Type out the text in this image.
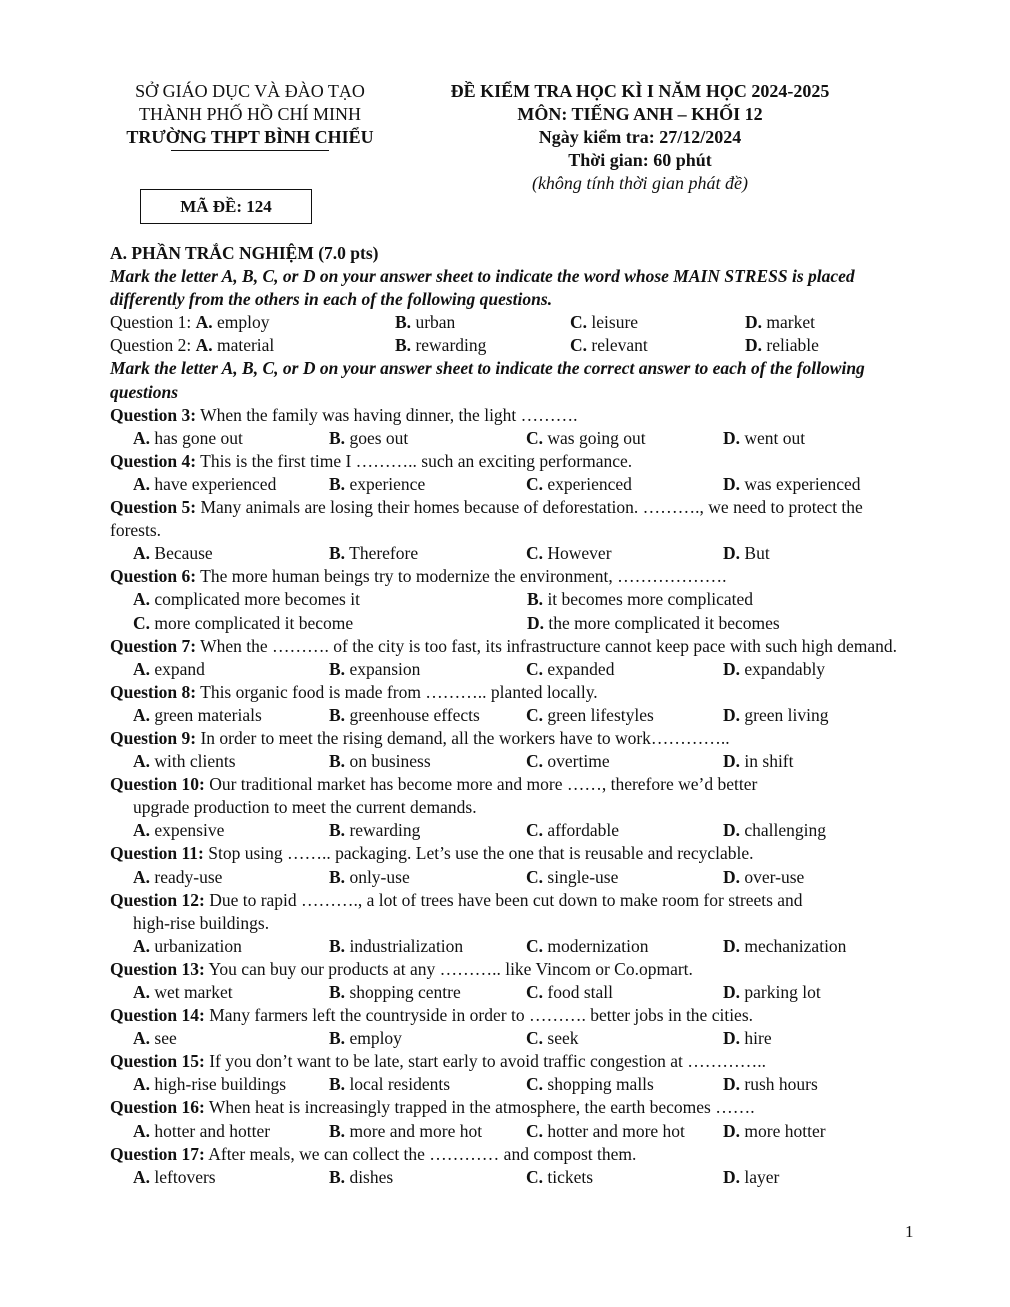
SỞ GIÁO DỤC VÀ ĐÀO TẠO
THÀNH PHỐ HỒ CHÍ MINH
TRƯỜNG THPT BÌNH CHIỂU
ĐỀ KIỂM TRA HỌC KÌ I NĂM HỌC 2024-2025
MÔN: TIẾNG ANH – KHỐI 12
Ngày kiểm tra: 27/12/2024
Thời gian: 60 phút
(không tính thời gian phát đề)
MÃ ĐỀ: 124
A. PHẦN TRẮC NGHIỆM (7.0 pts)
Mark the letter A, B, C, or D on your answer sheet to indicate the word whose MAIN STRESS is placed differently from the others in each of the following questions.
Question 1: A. employ	B. urban	C. leisure	D. market
Question 2: A. material	B. rewarding	C. relevant	D. reliable
Mark the letter A, B, C, or D on your answer sheet to indicate the correct answer to each of the following questions
Question 3: When the family was having dinner, the light ……….
A. has gone out	B. goes out	C. was going out	D. went out
Question 4: This is the first time I ……….. such an exciting performance.
A. have experienced	B. experience	C. experienced	D. was experienced
Question 5: Many animals are losing their homes because of deforestation. ………., we need to protect the forests.
A. Because	B. Therefore	C. However	D. But
Question 6: The more human beings try to modernize the environment, ……………….
A. complicated more becomes it	B. it becomes more complicated
C. more complicated it become	D. the more complicated it becomes
Question 7: When the ………. of the city is too fast, its infrastructure cannot keep pace with such high demand.
A. expand	B. expansion	C. expanded	D. expandably
Question 8: This organic food is made from ……….. planted locally.
A. green materials	B. greenhouse effects	C. green lifestyles	D. green living
Question 9: In order to meet the rising demand, all the workers have to work…………..
A. with clients	B. on business	C. overtime	D. in shift
Question 10: Our traditional market has become more and more ……, therefore we’d better
upgrade production to meet the current demands.
A. expensive	B. rewarding	C. affordable	D. challenging
Question 11: Stop using …….. packaging. Let’s use the one that is reusable and recyclable.
A. ready-use	B. only-use	C. single-use	D. over-use
Question 12: Due to rapid ………., a lot of trees have been cut down to make room for streets and
high-rise buildings.
A. urbanization	B. industrialization	C. modernization	D. mechanization
Question 13: You can buy our products at any ……….. like Vincom or Co.opmart.
A. wet market	B. shopping centre	C. food stall	D. parking lot
Question 14: Many farmers left the countryside in order to ………. better jobs in the cities.
A. see	B. employ	C. seek	D. hire
Question 15: If you don’t want to be late, start early to avoid traffic congestion at …………..
A. high-rise buildings	B. local residents	C. shopping malls	D. rush hours
Question 16: When heat is increasingly trapped in the atmosphere, the earth becomes …….
A. hotter and hotter	B. more and more hot	C. hotter and more hot	D. more hotter
Question 17: After meals, we can collect the ………… and compost them.
A. leftovers	B. dishes	C. tickets	D. layer
1
